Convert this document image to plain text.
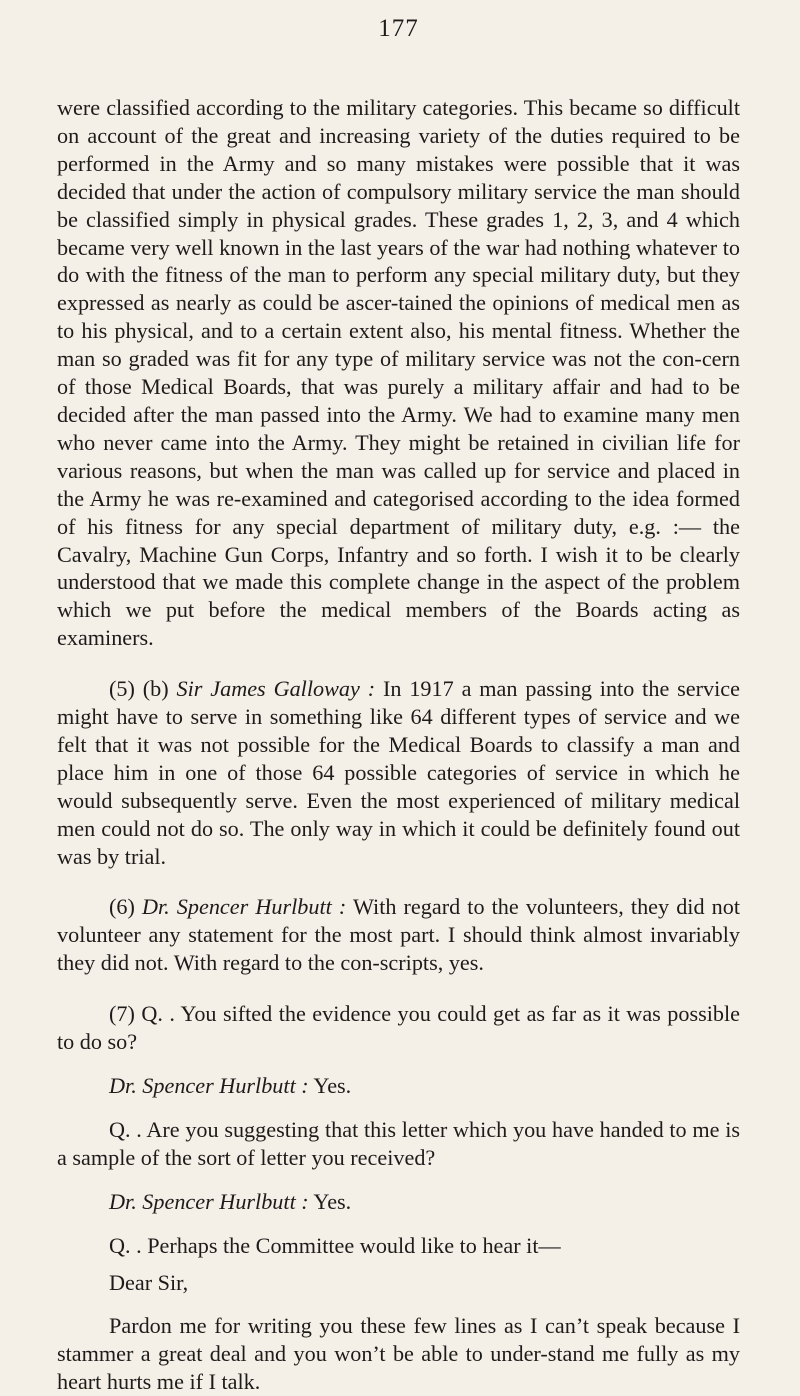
177

were classified according to the military categories. This became so difficult on account of the great and increasing variety of the duties required to be performed in the Army and so many mistakes were possible that it was decided that under the action of compulsory military service the man should be classified simply in physical grades. These grades 1, 2, 3, and 4 which became very well known in the last years of the war had nothing whatever to do with the fitness of the man to perform any special military duty, but they expressed as nearly as could be ascer-tained the opinions of medical men as to his physical, and to a certain extent also, his mental fitness. Whether the man so graded was fit for any type of military service was not the con-cern of those Medical Boards, that was purely a military affair and had to be decided after the man passed into the Army. We had to examine many men who never came into the Army. They might be retained in civilian life for various reasons, but when the man was called up for service and placed in the Army he was re-examined and categorised according to the idea formed of his fitness for any special department of military duty, e.g. :— the Cavalry, Machine Gun Corps, Infantry and so forth. I wish it to be clearly understood that we made this complete change in the aspect of the problem which we put before the medical members of the Boards acting as examiners.

(5) (b) Sir James Galloway : In 1917 a man passing into the service might have to serve in something like 64 different types of service and we felt that it was not possible for the Medical Boards to classify a man and place him in one of those 64 possible categories of service in which he would subsequently serve. Even the most experienced of military medical men could not do so. The only way in which it could be definitely found out was by trial.

(6) Dr. Spencer Hurlbutt : With regard to the volunteers, they did not volunteer any statement for the most part. I should think almost invariably they did not. With regard to the con-scripts, yes.

(7) Q. . You sifted the evidence you could get as far as it was possible to do so?

Dr. Spencer Hurlbutt : Yes.

Q. . Are you suggesting that this letter which you have handed to me is a sample of the sort of letter you received?

Dr. Spencer Hurlbutt : Yes.

Q. . Perhaps the Committee would like to hear it—

Dear Sir,

Pardon me for writing you these few lines as I can’t speak because I stammer a great deal and you won’t be able to under-stand me fully as my heart hurts me if I talk.
